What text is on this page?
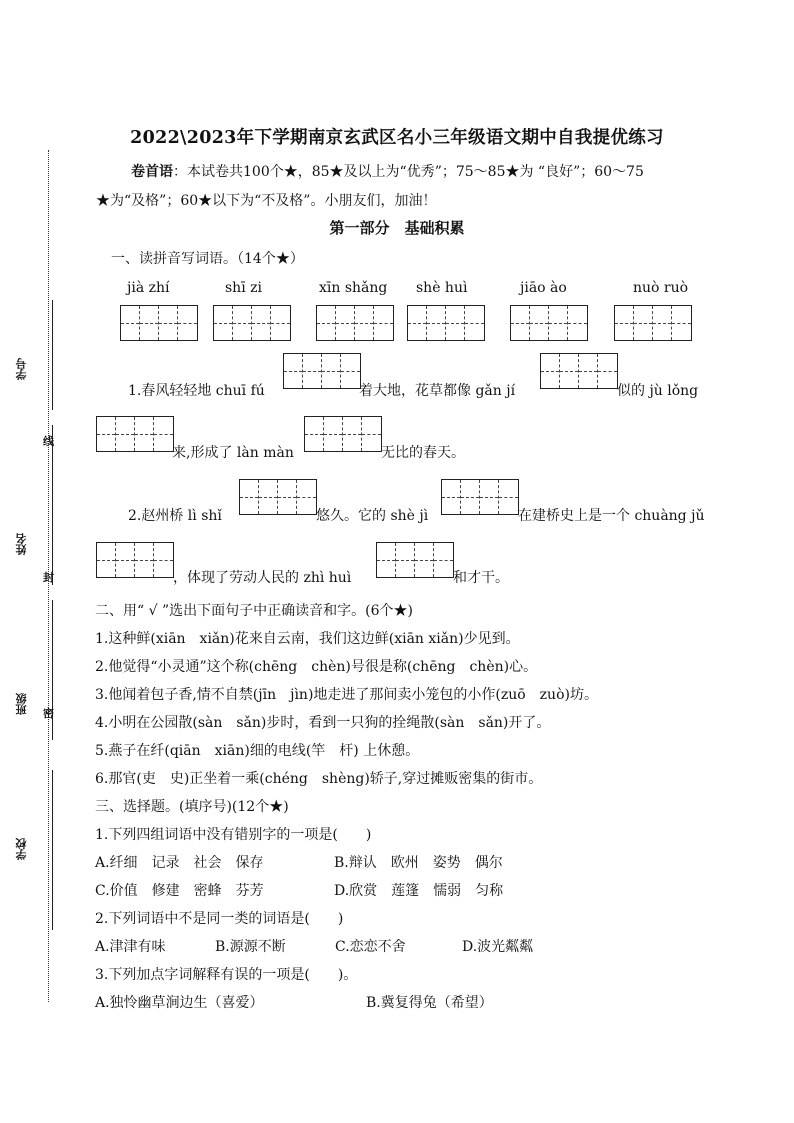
学号
姓名
班级
学校
线
封
密
2022\2023年下学期南京玄武区名小三年级语文期中自我提优练习
卷首语：本试卷共100个★，85★及以上为“优秀”；75～85★为 “良好”；60～75
★为“及格”；60★以下为“不及格”。小朋友们，加油！
第一部分　基础积累
一、读拼音写词语。（14个★）
jià zhí	shī zi	xīn shǎng shè huì	jiāo ào	nuò ruò
1.春风轻轻地 chuī fú	着大地，花草都像 gǎn jí	似的 jù lǒng
来,形成了 làn màn	无比的春天。
2.赵州桥 lì shǐ	悠久。它的 shè jì	在建桥史上是一个 chuàng jǔ
，体现了劳动人民的 zhì huì	和才干。
二、用“ √ ”选出下面句子中正确读音和字。(6个★)
1.这种鲜(xiān　xiǎn)花来自云南，我们这边鲜(xiān xiǎn)少见到。
2.他觉得“小灵通”这个称(chēng　chèn)号很是称(chēng　chèn)心。
3.他闻着包子香,情不自禁(jīn　jìn)地走进了那间卖小笼包的小作(zuō　zuò)坊。
4.小明在公园散(sàn　sǎn)步时，看到一只狗的拴绳散(sàn　sǎn)开了。
5.燕子在纤(qiān　xiān)细的电线(竿　杆) 上休憩。
6.那官(吏　史)正坐着一乘(chéng　shèng)轿子,穿过摊贩密集的街市。
三、选择题。(填序号)(12个★)
1.下列四组词语中没有错别字的一项是(　　)
A.纤细　记录　社会　保存	B.辩认　欧州　姿势　偶尔
C.价值　修建　密蜂　芬芳	D.欣赏　莲篷　懦弱　匀称
2.下列词语中不是同一类的词语是(　　)
A.津津有味	B.源源不断	C.恋恋不舍	D.波光粼粼
3.下列加点字词解释有误的一项是(　　)。
A.独怜幽草涧边生（喜爱）	B.冀复得兔（希望）
